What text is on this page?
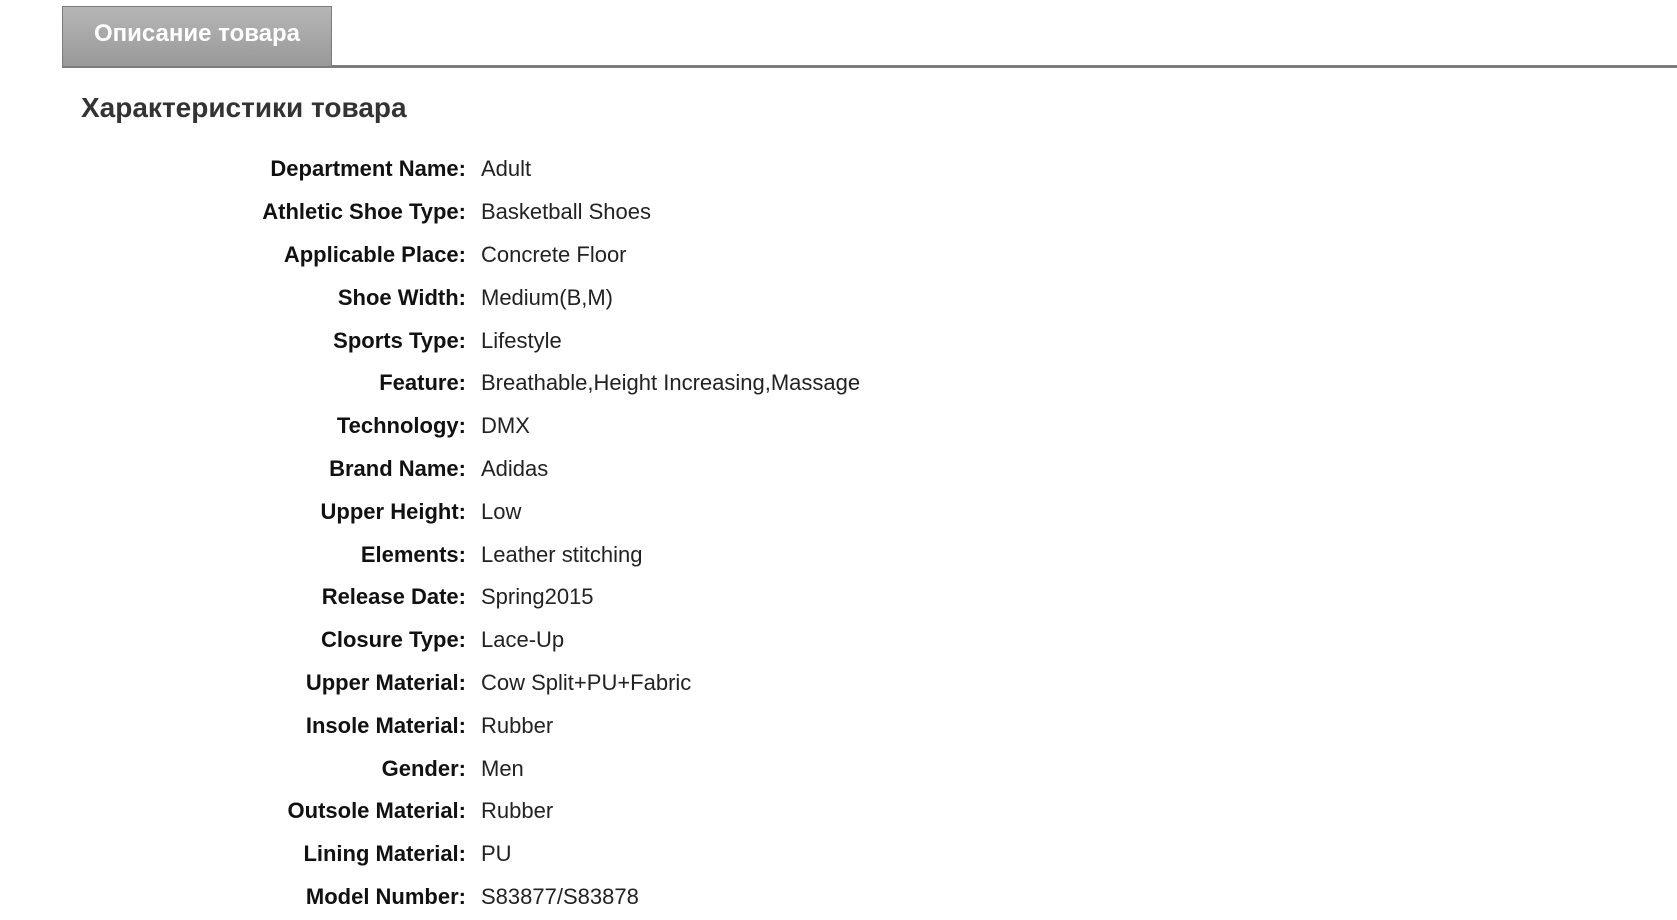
Описание товара
Характеристики товара
Department Name: Adult
Athletic Shoe Type: Basketball Shoes
Applicable Place: Concrete Floor
Shoe Width: Medium(B,M)
Sports Type: Lifestyle
Feature: Breathable,Height Increasing,Massage
Technology: DMX
Brand Name: Adidas
Upper Height: Low
Elements: Leather stitching
Release Date: Spring2015
Closure Type: Lace-Up
Upper Material: Cow Split+PU+Fabric
Insole Material: Rubber
Gender: Men
Outsole Material: Rubber
Lining Material: PU
Model Number: S83877/S83878
